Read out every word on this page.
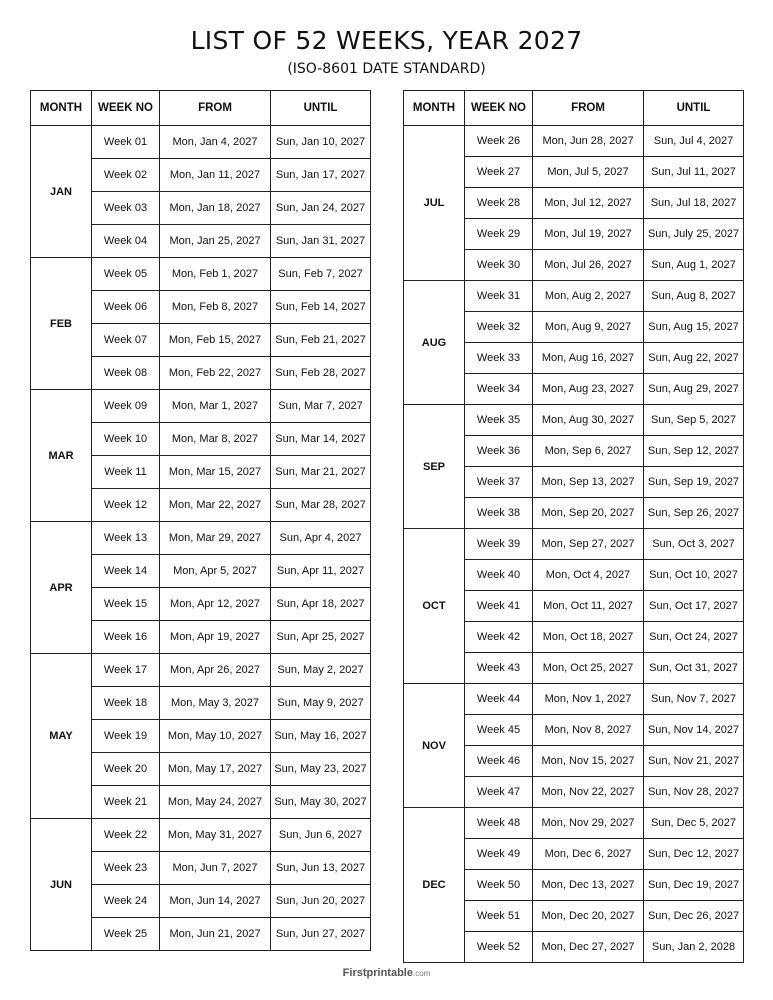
LIST OF 52 WEEKS, YEAR 2027
(ISO-8601 DATE STANDARD)
MONTH	WEEK NO	FROM	UNTIL
JAN	Week 01	Mon, Jan 4, 2027	Sun, Jan 10, 2027
	Week 02	Mon, Jan 11, 2027	Sun, Jan 17, 2027
	Week 03	Mon, Jan 18, 2027	Sun, Jan 24, 2027
	Week 04	Mon, Jan 25, 2027	Sun, Jan 31, 2027
FEB	Week 05	Mon, Feb 1, 2027	Sun, Feb 7, 2027
	Week 06	Mon, Feb 8, 2027	Sun, Feb 14, 2027
	Week 07	Mon, Feb 15, 2027	Sun, Feb 21, 2027
	Week 08	Mon, Feb 22, 2027	Sun, Feb 28, 2027
MAR	Week 09	Mon, Mar 1, 2027	Sun, Mar 7, 2027
	Week 10	Mon, Mar 8, 2027	Sun, Mar 14, 2027
	Week 11	Mon, Mar 15, 2027	Sun, Mar 21, 2027
	Week 12	Mon, Mar 22, 2027	Sun, Mar 28, 2027
APR	Week 13	Mon, Mar 29, 2027	Sun, Apr 4, 2027
	Week 14	Mon, Apr 5, 2027	Sun, Apr 11, 2027
	Week 15	Mon, Apr 12, 2027	Sun, Apr 18, 2027
	Week 16	Mon, Apr 19, 2027	Sun, Apr 25, 2027
MAY	Week 17	Mon, Apr 26, 2027	Sun, May 2, 2027
	Week 18	Mon, May 3, 2027	Sun, May 9, 2027
	Week 19	Mon, May 10, 2027	Sun, May 16, 2027
	Week 20	Mon, May 17, 2027	Sun, May 23, 2027
	Week 21	Mon, May 24, 2027	Sun, May 30, 2027
JUN	Week 22	Mon, May 31, 2027	Sun, Jun 6, 2027
	Week 23	Mon, Jun 7, 2027	Sun, Jun 13, 2027
	Week 24	Mon, Jun 14, 2027	Sun, Jun 20, 2027
	Week 25	Mon, Jun 21, 2027	Sun, Jun 27, 2027
MONTH	WEEK NO	FROM	UNTIL
JUL	Week 26	Mon, Jun 28, 2027	Sun, Jul 4, 2027
	Week 27	Mon, Jul 5, 2027	Sun, Jul 11, 2027
	Week 28	Mon, Jul 12, 2027	Sun, Jul 18, 2027
	Week 29	Mon, Jul 19, 2027	Sun, July 25, 2027
	Week 30	Mon, Jul 26, 2027	Sun, Aug 1, 2027
AUG	Week 31	Mon, Aug 2, 2027	Sun, Aug 8, 2027
	Week 32	Mon, Aug 9, 2027	Sun, Aug 15, 2027
	Week 33	Mon, Aug 16, 2027	Sun, Aug 22, 2027
	Week 34	Mon, Aug 23, 2027	Sun, Aug 29, 2027
SEP	Week 35	Mon, Aug 30, 2027	Sun, Sep 5, 2027
	Week 36	Mon, Sep 6, 2027	Sun, Sep 12, 2027
	Week 37	Mon, Sep 13, 2027	Sun, Sep 19, 2027
	Week 38	Mon, Sep 20, 2027	Sun, Sep 26, 2027
OCT	Week 39	Mon, Sep 27, 2027	Sun, Oct 3, 2027
	Week 40	Mon, Oct 4, 2027	Sun, Oct 10, 2027
	Week 41	Mon, Oct 11, 2027	Sun, Oct 17, 2027
	Week 42	Mon, Oct 18, 2027	Sun, Oct 24, 2027
	Week 43	Mon, Oct 25, 2027	Sun, Oct 31, 2027
NOV	Week 44	Mon, Nov 1, 2027	Sun, Nov 7, 2027
	Week 45	Mon, Nov 8, 2027	Sun, Nov 14, 2027
	Week 46	Mon, Nov 15, 2027	Sun, Nov 21, 2027
	Week 47	Mon, Nov 22, 2027	Sun, Nov 28, 2027
DEC	Week 48	Mon, Nov 29, 2027	Sun, Dec 5, 2027
	Week 49	Mon, Dec 6, 2027	Sun, Dec 12, 2027
	Week 50	Mon, Dec 13, 2027	Sun, Dec 19, 2027
	Week 51	Mon, Dec 20, 2027	Sun, Dec 26, 2027
	Week 52	Mon, Dec 27, 2027	Sun, Jan 2, 2028
Firstprintable.com
